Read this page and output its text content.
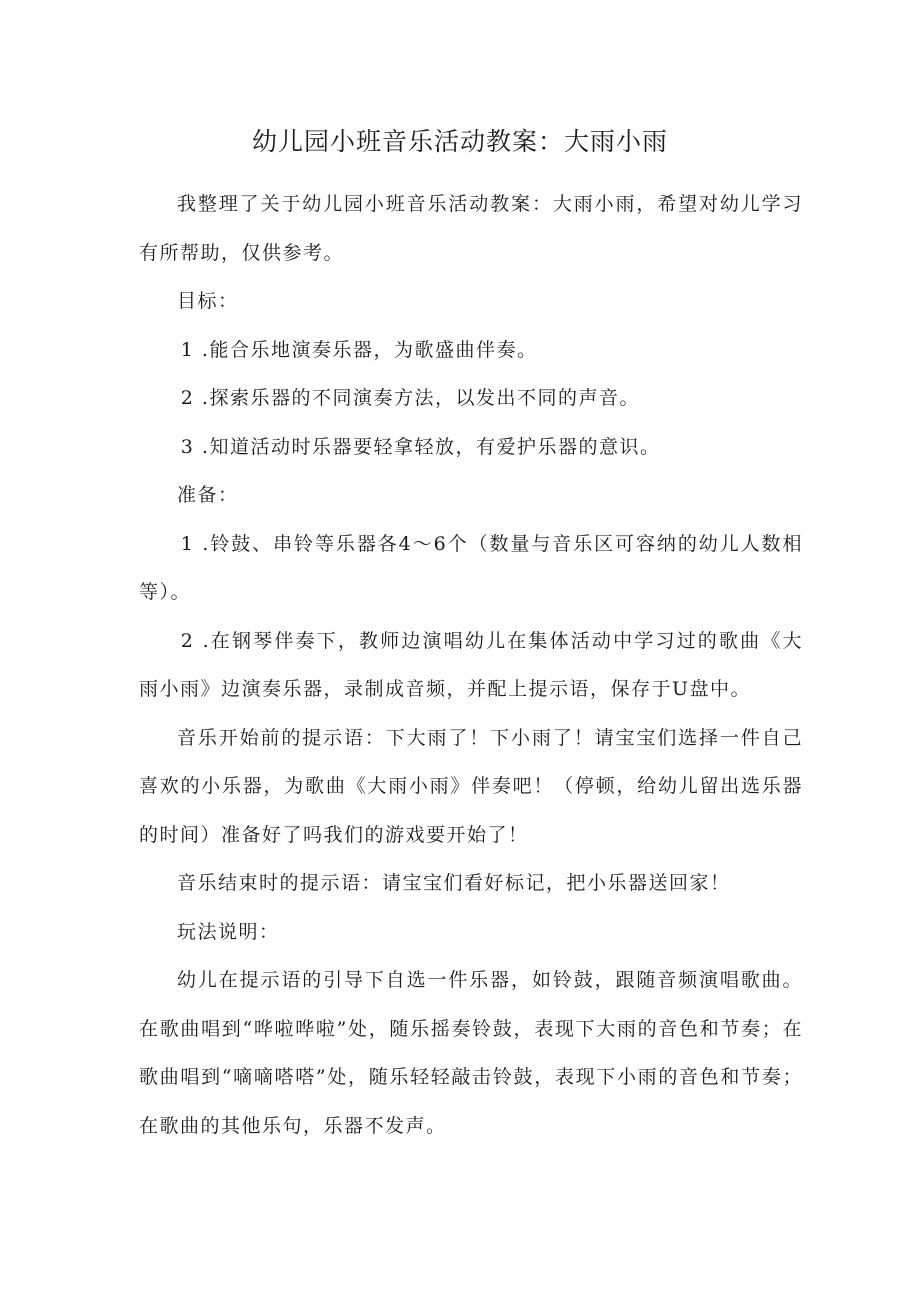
幼儿园小班音乐活动教案：大雨小雨

我整理了关于幼儿园小班音乐活动教案：大雨小雨，希望对幼儿学习有所帮助，仅供参考。

目标：

1 .能合乐地演奏乐器，为歌盛曲伴奏。

2 .探索乐器的不同演奏方法，以发出不同的声音。

3 .知道活动时乐器要轻拿轻放，有爱护乐器的意识。

准备：

1 .铃鼓、串铃等乐器各4～6个（数量与音乐区可容纳的幼儿人数相等）。

2 .在钢琴伴奏下，教师边演唱幼儿在集体活动中学习过的歌曲《大雨小雨》边演奏乐器，录制成音频，并配上提示语，保存于U盘中。

音乐开始前的提示语：下大雨了！下小雨了！请宝宝们选择一件自己喜欢的小乐器，为歌曲《大雨小雨》伴奏吧！（停顿，给幼儿留出选乐器的时间）准备好了吗我们的游戏要开始了！

音乐结束时的提示语：请宝宝们看好标记，把小乐器送回家！

玩法说明：

幼儿在提示语的引导下自选一件乐器，如铃鼓，跟随音频演唱歌曲。在歌曲唱到“哗啦哗啦”处，随乐摇奏铃鼓，表现下大雨的音色和节奏；在歌曲唱到“嘀嘀嗒嗒”处，随乐轻轻敲击铃鼓，表现下小雨的音色和节奏；在歌曲的其他乐句，乐器不发声。
